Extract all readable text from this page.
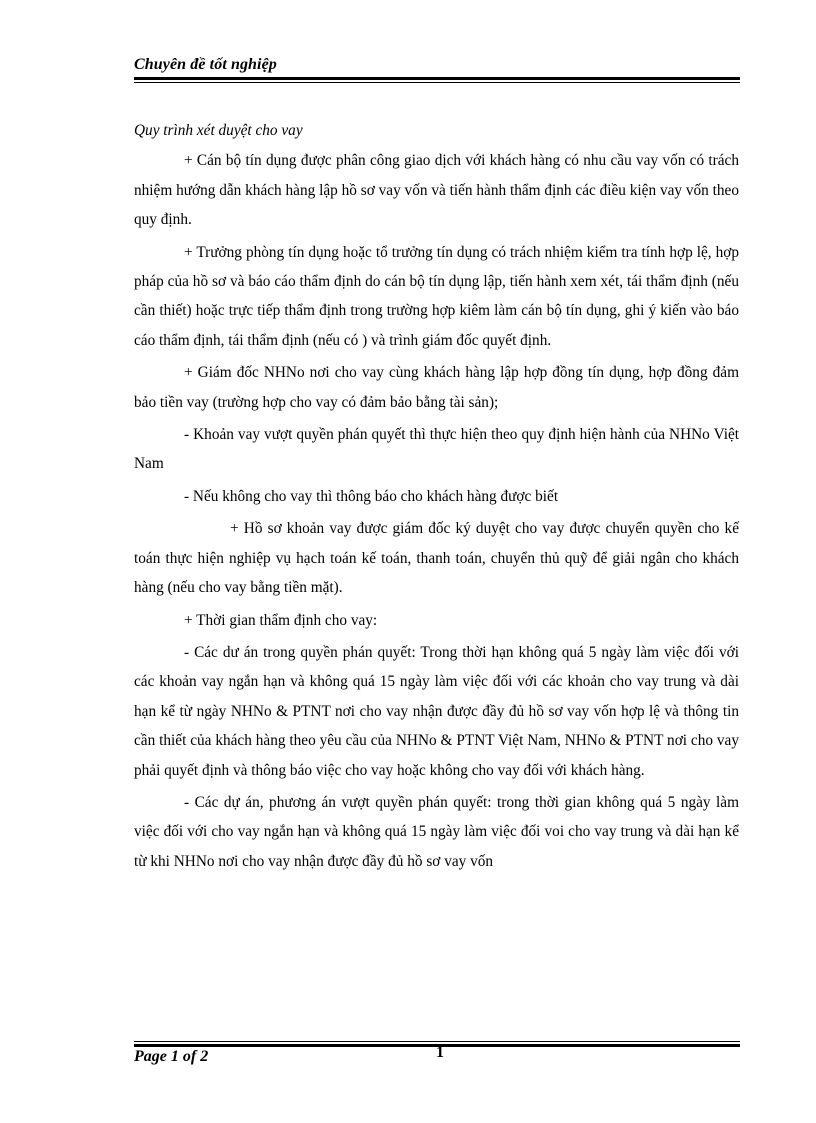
Chuyên đề tốt nghiệp

Quy trình xét duyệt cho vay

+ Cán bộ tín dụng được phân công giao dịch với khách hàng có nhu cầu vay vốn có trách nhiệm hướng dẫn khách hàng lập hồ sơ vay vốn và tiến hành thẩm định các điều kiện vay vốn theo quy định.

+ Trưởng phòng tín dụng hoặc tổ trưởng tín dụng có trách nhiệm kiểm tra tính hợp lệ, hợp pháp của hồ sơ và báo cáo thẩm định do cán bộ tín dụng lập, tiến hành xem xét, tái thẩm định (nếu cần thiết) hoặc trực tiếp thẩm định trong trường hợp kiêm làm cán bộ tín dụng, ghi ý kiến vào báo cáo thẩm định, tái thẩm định (nếu có ) và trình giám đốc quyết định.

+ Giám đốc NHNo nơi cho vay cùng khách hàng lập hợp đồng tín dụng, hợp đồng đảm bảo tiền vay (trường hợp cho vay có đảm bảo bằng tài sản);

- Khoản vay vượt quyền phán quyết thì thực hiện theo quy định hiện hành của NHNo Việt Nam

- Nếu không cho vay thì thông báo cho khách hàng được biết

+ Hồ sơ khoản vay được giám đốc ký duyệt cho vay được chuyển quyền cho kế toán thực hiện nghiệp vụ hạch toán kế toán, thanh toán, chuyển thủ quỹ để giải ngân cho khách hàng (nếu cho vay bằng tiền mặt).

+ Thời gian thẩm định cho vay:

- Các dư án trong quyền phán quyết: Trong thời hạn không quá 5 ngày làm việc đối với các khoản vay ngắn hạn và không quá 15 ngày làm việc đối với các khoản cho vay trung và dài hạn kể từ ngày NHNo & PTNT nơi cho vay nhận được đầy đủ hồ sơ vay vốn hợp lệ và thông tin cần thiết của khách hàng theo yêu cầu của NHNo & PTNT Việt Nam, NHNo & PTNT nơi cho vay phải quyết định và thông báo việc cho vay hoặc không cho vay đối với khách hàng.

- Các dự án, phương án vượt quyền phán quyết: trong thời gian không quá 5 ngày làm việc đối với cho vay ngắn hạn và không quá 15 ngày làm việc đối voi cho vay trung và dài hạn kể từ khi NHNo nơi cho vay nhận được đầy đủ hồ sơ vay vốn

Page 1 of 2	1
